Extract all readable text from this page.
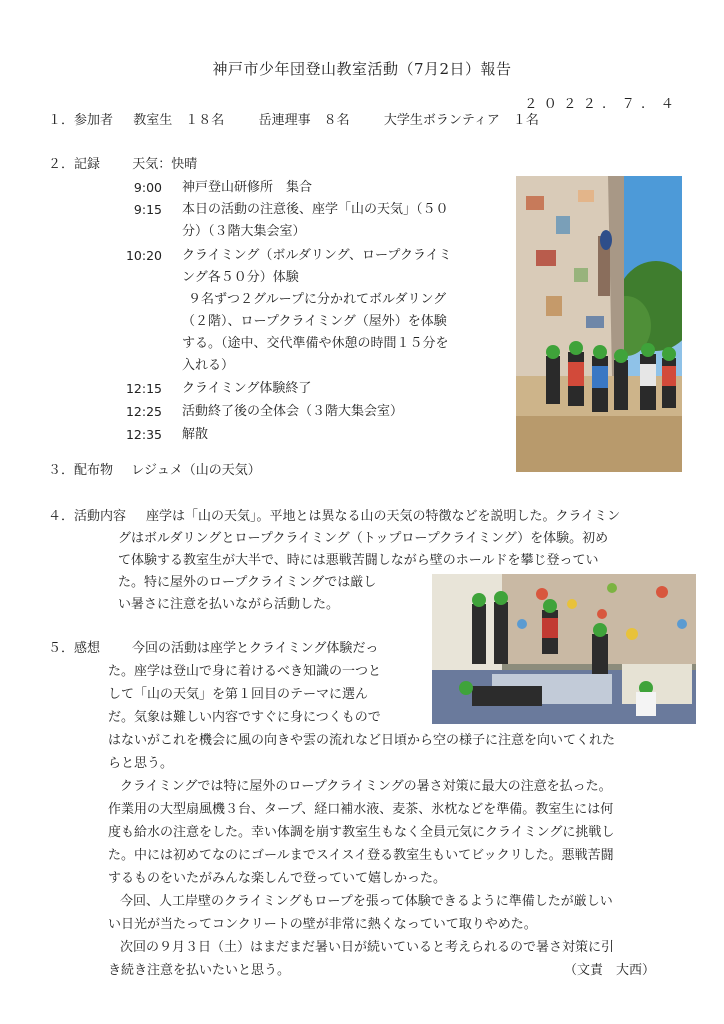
神戸市少年団登山教室活動（7月2日）報告
２０２２．７．４
１．参加者 教室生　１８名	岳連理事　８名	大学生ボランティア　１名
２．記録 天気：快晴
9:00 神戸登山研修所　集合
9:15 本日の活動の注意後、座学「山の天気」（５０
分）（３階大集会室）
10:20 クライミング（ボルダリング、ロープクライミ
ング各５０分）体験
９名ずつ２グループに分かれてボルダリング
（２階）、ロープクライミング（屋外）を体験
する。（途中、交代準備や休憩の時間１５分を
入れる）
12:15 クライミング体験終了
12:25 活動終了後の全体会（３階大集会室）
12:35 解散
３．配布物 レジュメ（山の天気）
４．活動内容 座学は「山の天気」。平地とは異なる山の天気の特徴などを説明した。クライミン
グはボルダリングとロープクライミング（トップロープクライミング）を体験。初め
て体験する教室生が大半で、時には悪戦苦闘しながら壁のホールドを攀じ登ってい
た。特に屋外のロープクライミングでは厳し
い暑さに注意を払いながら活動した。
５．感想 今回の活動は座学とクライミング体験だっ
た。座学は登山で身に着けるべき知識の一つと
して「山の天気」を第１回目のテーマに選ん
だ。気象は難しい内容ですぐに身につくもので
はないがこれを機会に風の向きや雲の流れなど日頃から空の様子に注意を向いてくれた
らと思う。
クライミングでは特に屋外のロープクライミングの暑さ対策に最大の注意を払った。
作業用の大型扇風機３台、タープ、経口補水液、麦茶、氷枕などを準備。教室生には何
度も給水の注意をした。幸い体調を崩す教室生もなく全員元気にクライミングに挑戦し
た。中には初めてなのにゴールまでスイスイ登る教室生もいてビックリした。悪戦苦闘
するものをいたがみんな楽しんで登っていて嬉しかった。
今回、人工岸壁のクライミングもロープを張って体験できるように準備したが厳しい
い日光が当たってコンクリートの壁が非常に熱くなっていて取りやめた。
次回の９月３日（土）はまだまだ暑い日が続いていると考えられるので暑さ対策に引
き続き注意を払いたいと思う。	（文責　大西）
